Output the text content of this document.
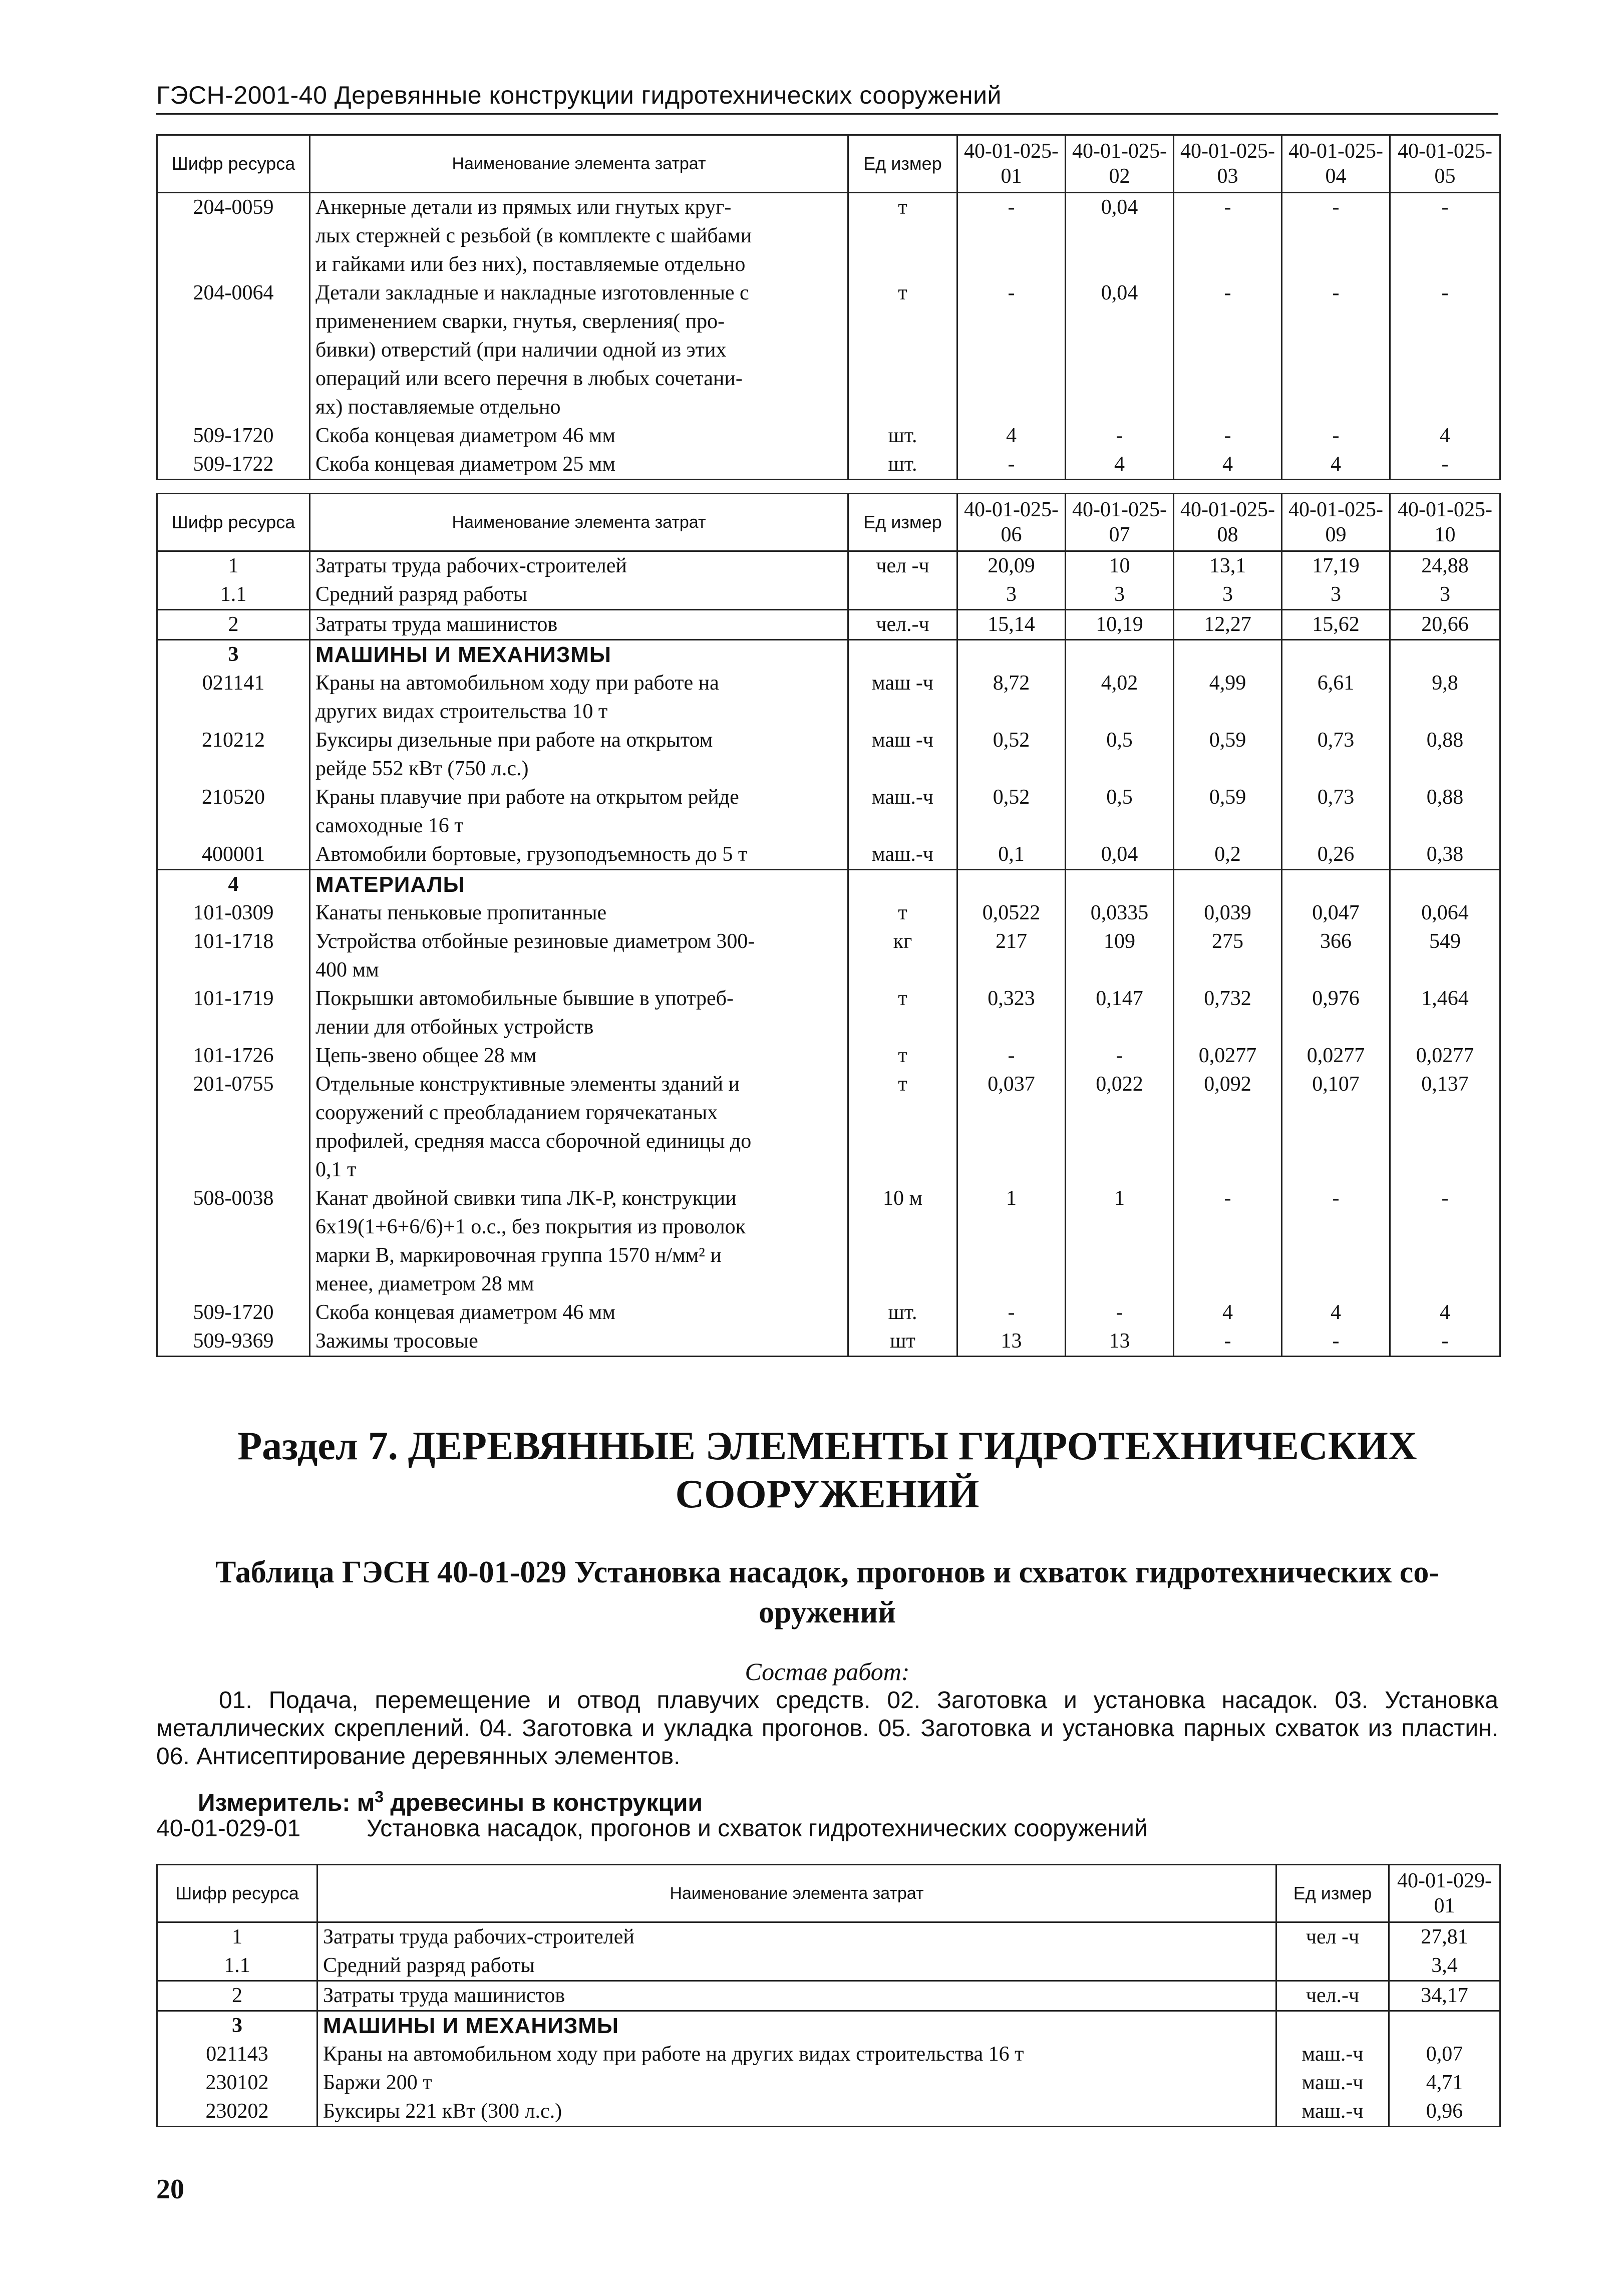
ГЭСН-2001-40 Деревянные конструкции гидротехнических сооружений
Шифр ресурса	Наименование элемента затрат	Ед измер	40-01-025-01	40-01-025-02	40-01-025-03	40-01-025-04	40-01-025-05
204-0059	Анкерные детали из прямых или гнутых круг-
лых стержней с резьбой (в комплекте с шайбами
и гайками или без них), поставляемые отдельно	т	-	0,04	-	-	-
204-0064	Детали закладные и накладные изготовленные с
применением сварки, гнутья, сверления( про-
бивки) отверстий (при наличии одной из этих
операций или всего перечня в любых сочетани-
ях) поставляемые отдельно	т	-	0,04	-	-	-
509-1720	Скоба концевая диаметром 46 мм	шт.	4	-	-	-	4
509-1722	Скоба концевая диаметром 25 мм	шт.	-	4	4	4	-
Шифр ресурса	Наименование элемента затрат	Ед измер	40-01-025-06	40-01-025-07	40-01-025-08	40-01-025-09	40-01-025-10
1	Затраты труда рабочих-строителей	чел -ч	20,09	10	13,1	17,19	24,88
1.1	Средний разряд работы		3	3	3	3	3
2	Затраты труда машинистов	чел.-ч	15,14	10,19	12,27	15,62	20,66
3	МАШИНЫ И МЕХАНИЗМЫ						

021141	Краны на автомобильном ходу при работе на
других видах строительства 10 т	маш -ч	8,72	4,02	4,99	6,61	9,8
210212	Буксиры дизельные при работе на открытом
рейде 552 кВт (750 л.с.)	маш -ч	0,52	0,5	0,59	0,73	0,88
210520	Краны плавучие при работе на открытом рейде
самоходные 16 т	маш.-ч	0,52	0,5	0,59	0,73	0,88
400001	Автомобили бортовые, грузоподъемность до 5 т	маш.-ч	0,1	0,04	0,2	0,26	0,38
4	МАТЕРИАЛЫ						

101-0309	Канаты пеньковые пропитанные	т	0,0522	0,0335	0,039	0,047	0,064
101-1718	Устройства отбойные резиновые диаметром 300-
400 мм	кг	217	109	275	366	549
101-1719	Покрышки автомобильные бывшие в употреб-
лении для отбойных устройств	т	0,323	0,147	0,732	0,976	1,464
101-1726	Цепь-звено общее 28 мм	т	-	-	0,0277	0,0277	0,0277
201-0755	Отдельные конструктивные элементы зданий и
сооружений с преобладанием горячекатаных
профилей, средняя масса сборочной единицы до
0,1 т	т	0,037	0,022	0,092	0,107	0,137
508-0038	Канат двойной свивки типа ЛК-Р, конструкции
6х19(1+6+6/6)+1 о.с., без покрытия из проволок
марки В, маркировочная группа 1570 н/мм² и
менее, диаметром 28 мм	10 м	1	1	-	-	-
509-1720	Скоба концевая диаметром 46 мм	шт.	-	-	4	4	4
509-9369	Зажимы тросовые	шт	13	13	-	-	-
Раздел 7. ДЕРЕВЯННЫЕ ЭЛЕМЕНТЫ ГИДРОТЕХНИЧЕСКИХ
СООРУЖЕНИЙ
Таблица ГЭСН 40-01-029 Установка насадок, прогонов и схваток гидротехнических со-
оружений
Состав работ:
01. Подача, перемещение и отвод плавучих средств. 02. Заготовка и установка насадок. 03. Установка металлических скреплений. 04. Заготовка и укладка прогонов. 05. Заготовка и установка парных схваток из пластин. 06. Антисептирование деревянных элементов.
Измеритель: $м^3$ древесины в конструкции
40-01-029-01	Установка насадок, прогонов и схваток гидротехнических сооружений
Шифр ресурса	Наименование элемента затрат	Ед измер	40-01-029-01
1	Затраты труда рабочих-строителей	чел -ч	27,81
1.1	Средний разряд работы		3,4
2	Затраты труда машинистов	чел.-ч	34,17
3	МАШИНЫ И МЕХАНИЗМЫ		

021143	Краны на автомобильном ходу при работе на других видах строительства 16 т	маш.-ч	0,07
230102	Баржи 200 т	маш.-ч	4,71
230202	Буксиры 221 кВт (300 л.с.)	маш.-ч	0,96
20
